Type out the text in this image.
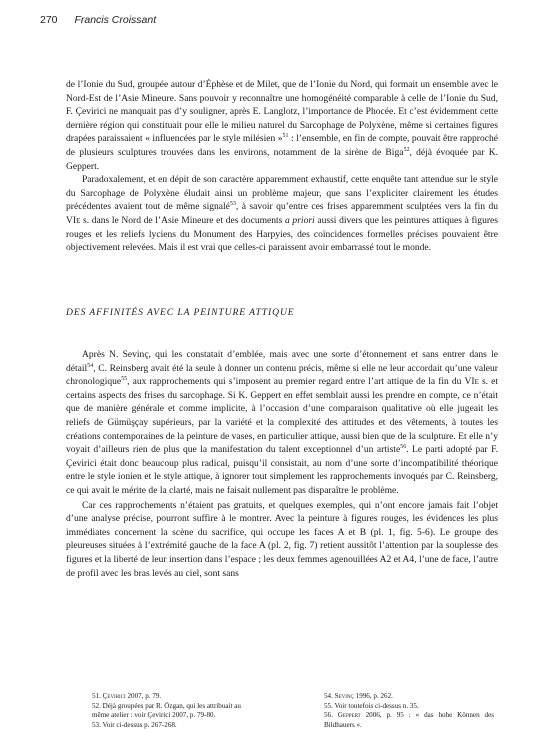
270 Francis Croissant

de l’Ionie du Sud, groupée autour d’Éphèse et de Milet, que de l’Ionie du Nord, qui formait un ensemble avec le Nord-Est de l’Asie Mineure. Sans pouvoir y reconnaître une homogénéité comparable à celle de l’Ionie du Sud, F. Çevirici ne manquait pas d’y souligner, après E. Langlotz, l’importance de Phocée. Et c’est évidemment cette dernière région qui constituait pour elle le milieu naturel du Sarcophage de Polyxène, même si certaines figures drapées paraissaient « influencées par le style milésien »$^{51}$ : l’ensemble, en fin de compte, pouvait être rapproché de plusieurs sculptures trouvées dans les environs, notamment de la sirène de Biga$^{52}$, déjà évoquée par K. Geppert.

Paradoxalement, et en dépit de son caractère apparemment exhaustif, cette enquête tant attendue sur le style du Sarcophage de Polyxène éludait ainsi un problème majeur, que sans l’expliciter clairement les études précédentes avaient tout de même signalé$^{53}$, à savoir qu’entre ces frises apparemment sculptées vers la fin du VIe s. dans le Nord de l’Asie Mineure et des documents a priori aussi divers que les peintures attiques à figures rouges et les reliefs lyciens du Monument des Harpyies, des coïncidences formelles précises pouvaient être objectivement relevées. Mais il est vrai que celles-ci paraissent avoir embarrassé tout le monde.

DES AFFINITÉS AVEC LA PEINTURE ATTIQUE

Après N. Sevinç, qui les constatait d’emblée, mais avec une sorte d’étonnement et sans entrer dans le détail$^{54}$, C. Reinsberg avait été la seule à donner un contenu précis, même si elle ne leur accordait qu’une valeur chronologique$^{55}$, aux rapprochements qui s’imposent au premier regard entre l’art attique de la fin du VIe s. et certains aspects des frises du sarcophage. Si K. Geppert en effet semblait aussi les prendre en compte, ce n’était que de manière générale et comme implicite, à l’occasion d’une comparaison qualitative où elle jugeait les reliefs de Gümüşçay supérieurs, par la variété et la complexité des attitudes et des vêtements, à toutes les créations contemporaines de la peinture de vases, en particulier attique, aussi bien que de la sculpture. Et elle n’y voyait d’ailleurs rien de plus que la manifestation du talent exceptionnel d’un artiste$^{56}$. Le parti adopté par F. Çevirici était donc beaucoup plus radical, puisqu’il consistait, au nom d’une sorte d’incompatibilité théorique entre le style ionien et le style attique, à ignorer tout simplement les rapprochements invoqués par C. Reinsberg, ce qui avait le mérite de la clarté, mais ne faisait nullement pas disparaître le problème.

Car ces rapprochements n’étaient pas gratuits, et quelques exemples, qui n’ont encore jamais fait l’objet d’une analyse précise, pourront suffire à le montrer. Avec la peinture à figures rouges, les évidences les plus immédiates concernent la scène du sacrifice, qui occupe les faces A et B (pl. 1, fig. 5-6). Le groupe des pleureuses situées à l’extrémité gauche de la face A (pl. 2, fig. 7) retient aussitôt l’attention par la souplesse des figures et la liberté de leur insertion dans l’espace ; les deux femmes agenouillées A2 et A4, l’une de face, l’autre de profil avec les bras levés au ciel, sont sans

51. Çevirici 2007, p. 79.
52. Déjà groupées par R. Özgan, qui les attribuait au même atelier : voir Çevirici 2007, p. 79-80.
53. Voir ci-dessus p. 267-268.
54. Sevinç 1996, p. 262.
55. Voir toutefois ci-dessus n. 35.
56. Geppert 2006, p. 95 : « das hohe Können des Bildhauers ».
